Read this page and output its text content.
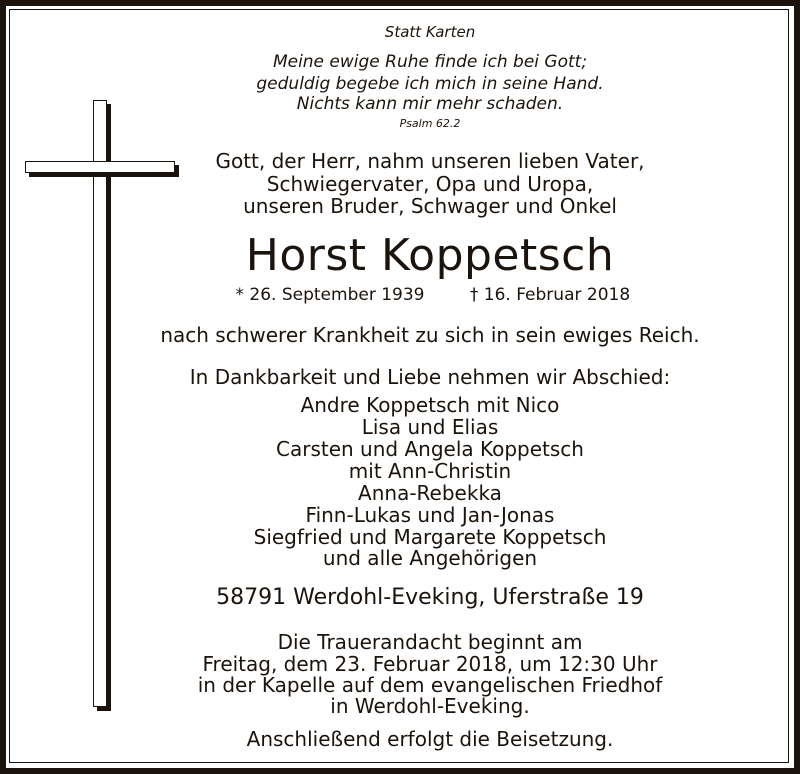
Statt Karten
Meine ewige Ruhe finde ich bei Gott;
geduldig begebe ich mich in seine Hand.
Nichts kann mir mehr schaden.
Psalm 62.2
Gott, der Herr, nahm unseren lieben Vater,
Schwiegervater, Opa und Uropa,
unseren Bruder, Schwager und Onkel
Horst Koppetsch
* 26. September 1939	† 16. Februar 2018
nach schwerer Krankheit zu sich in sein ewiges Reich.
In Dankbarkeit und Liebe nehmen wir Abschied:
Andre Koppetsch mit Nico
Lisa und Elias
Carsten und Angela Koppetsch
mit Ann-Christin
Anna-Rebekka
Finn-Lukas und Jan-Jonas
Siegfried und Margarete Koppetsch
und alle Angehörigen
58791 Werdohl-Eveking, Uferstraße 19
Die Trauerandacht beginnt am
Freitag, dem 23. Februar 2018, um 12:30 Uhr
in der Kapelle auf dem evangelischen Friedhof
in Werdohl-Eveking.
Anschließend erfolgt die Beisetzung.
